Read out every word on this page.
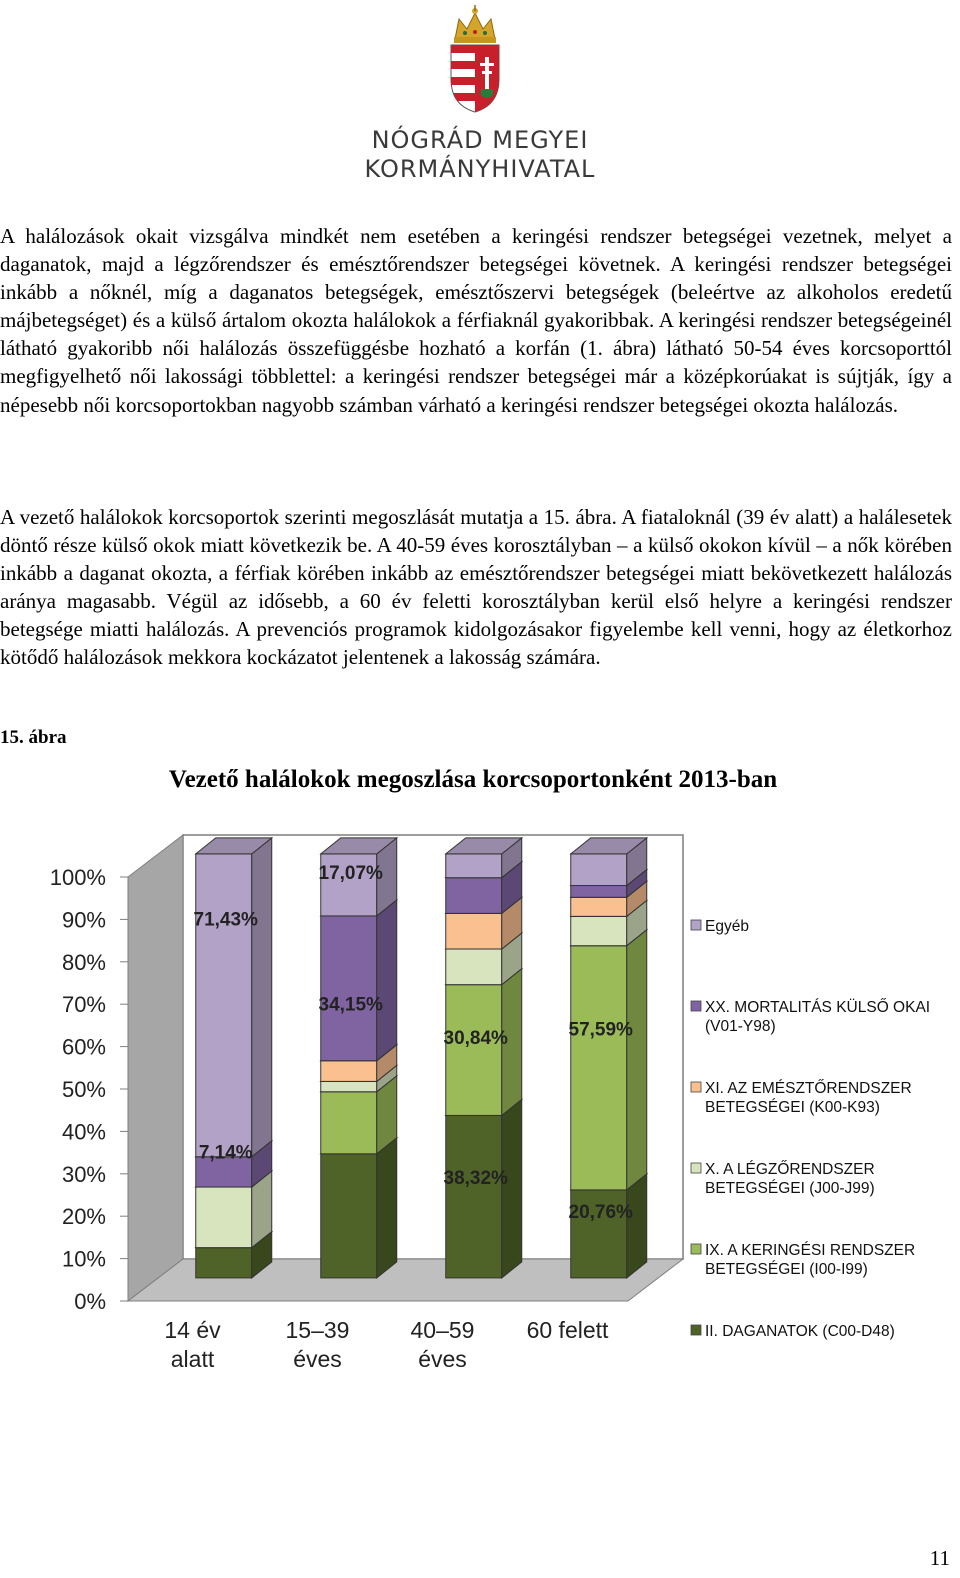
NÓGRÁD MEGYEI
KORMÁNYHIVATAL
A halálozások okait vizsgálva mindkét nem esetében a keringési rendszer betegségei vezetnek, melyet a daganatok, majd a légzőrendszer és emésztőrendszer betegségei követnek. A keringési rendszer betegségei inkább a nőknél, míg a daganatos betegségek, emésztőszervi betegségek (beleértve az alkoholos eredetű májbetegséget) és a külső ártalom okozta halálokok a férfiaknál gyakoribbak. A keringési rendszer betegségeinél látható gyakoribb női halálozás összefüggésbe hozható a korfán (1. ábra) látható 50-54 éves korcsoporttól megfigyelhető női lakossági többlettel: a keringési rendszer betegségei már a középkorúakat is sújtják, így a népesebb női korcsoportokban nagyobb számban várható a keringési rendszer betegségei okozta halálozás.
A vezető halálokok korcsoportok szerinti megoszlását mutatja a 15. ábra. A fiataloknál (39 év alatt) a halálesetek döntő része külső okok miatt következik be. A 40-59 éves korosztályban – a külső okokon kívül – a nők körében inkább a daganat okozta, a férfiak körében inkább az emésztőrendszer betegségei miatt bekövetkezett halálozás aránya magasabb. Végül az idősebb, a 60 év feletti korosztályban kerül első helyre a keringési rendszer betegsége miatti halálozás. A prevenciós programok kidolgozásakor figyelembe kell venni, hogy az életkorhoz kötődő halálozások mekkora kockázatot jelentenek a lakosság számára.
15. ábra
Vezető halálokok megoszlása korcsoportonként 2013-ban
0%
10%
20%
30%
40%
50%
60%
70%
80%
90%
100%
71,43%
7,14%
17,07%
34,15%
30,84%
38,32%
57,59%
20,76%
14 év
alatt
15–39
éves
40–59
éves
60 felett
Egyéb
XX. MORTALITÁS KÜLSŐ OKAI
(V01-Y98)
XI. AZ EMÉSZTŐRENDSZER
BETEGSÉGEI (K00-K93)
X. A LÉGZŐRENDSZER
BETEGSÉGEI (J00-J99)
IX. A KERINGÉSI RENDSZER
BETEGSÉGEI (I00-I99)
II. DAGANATOK (C00-D48)
11
